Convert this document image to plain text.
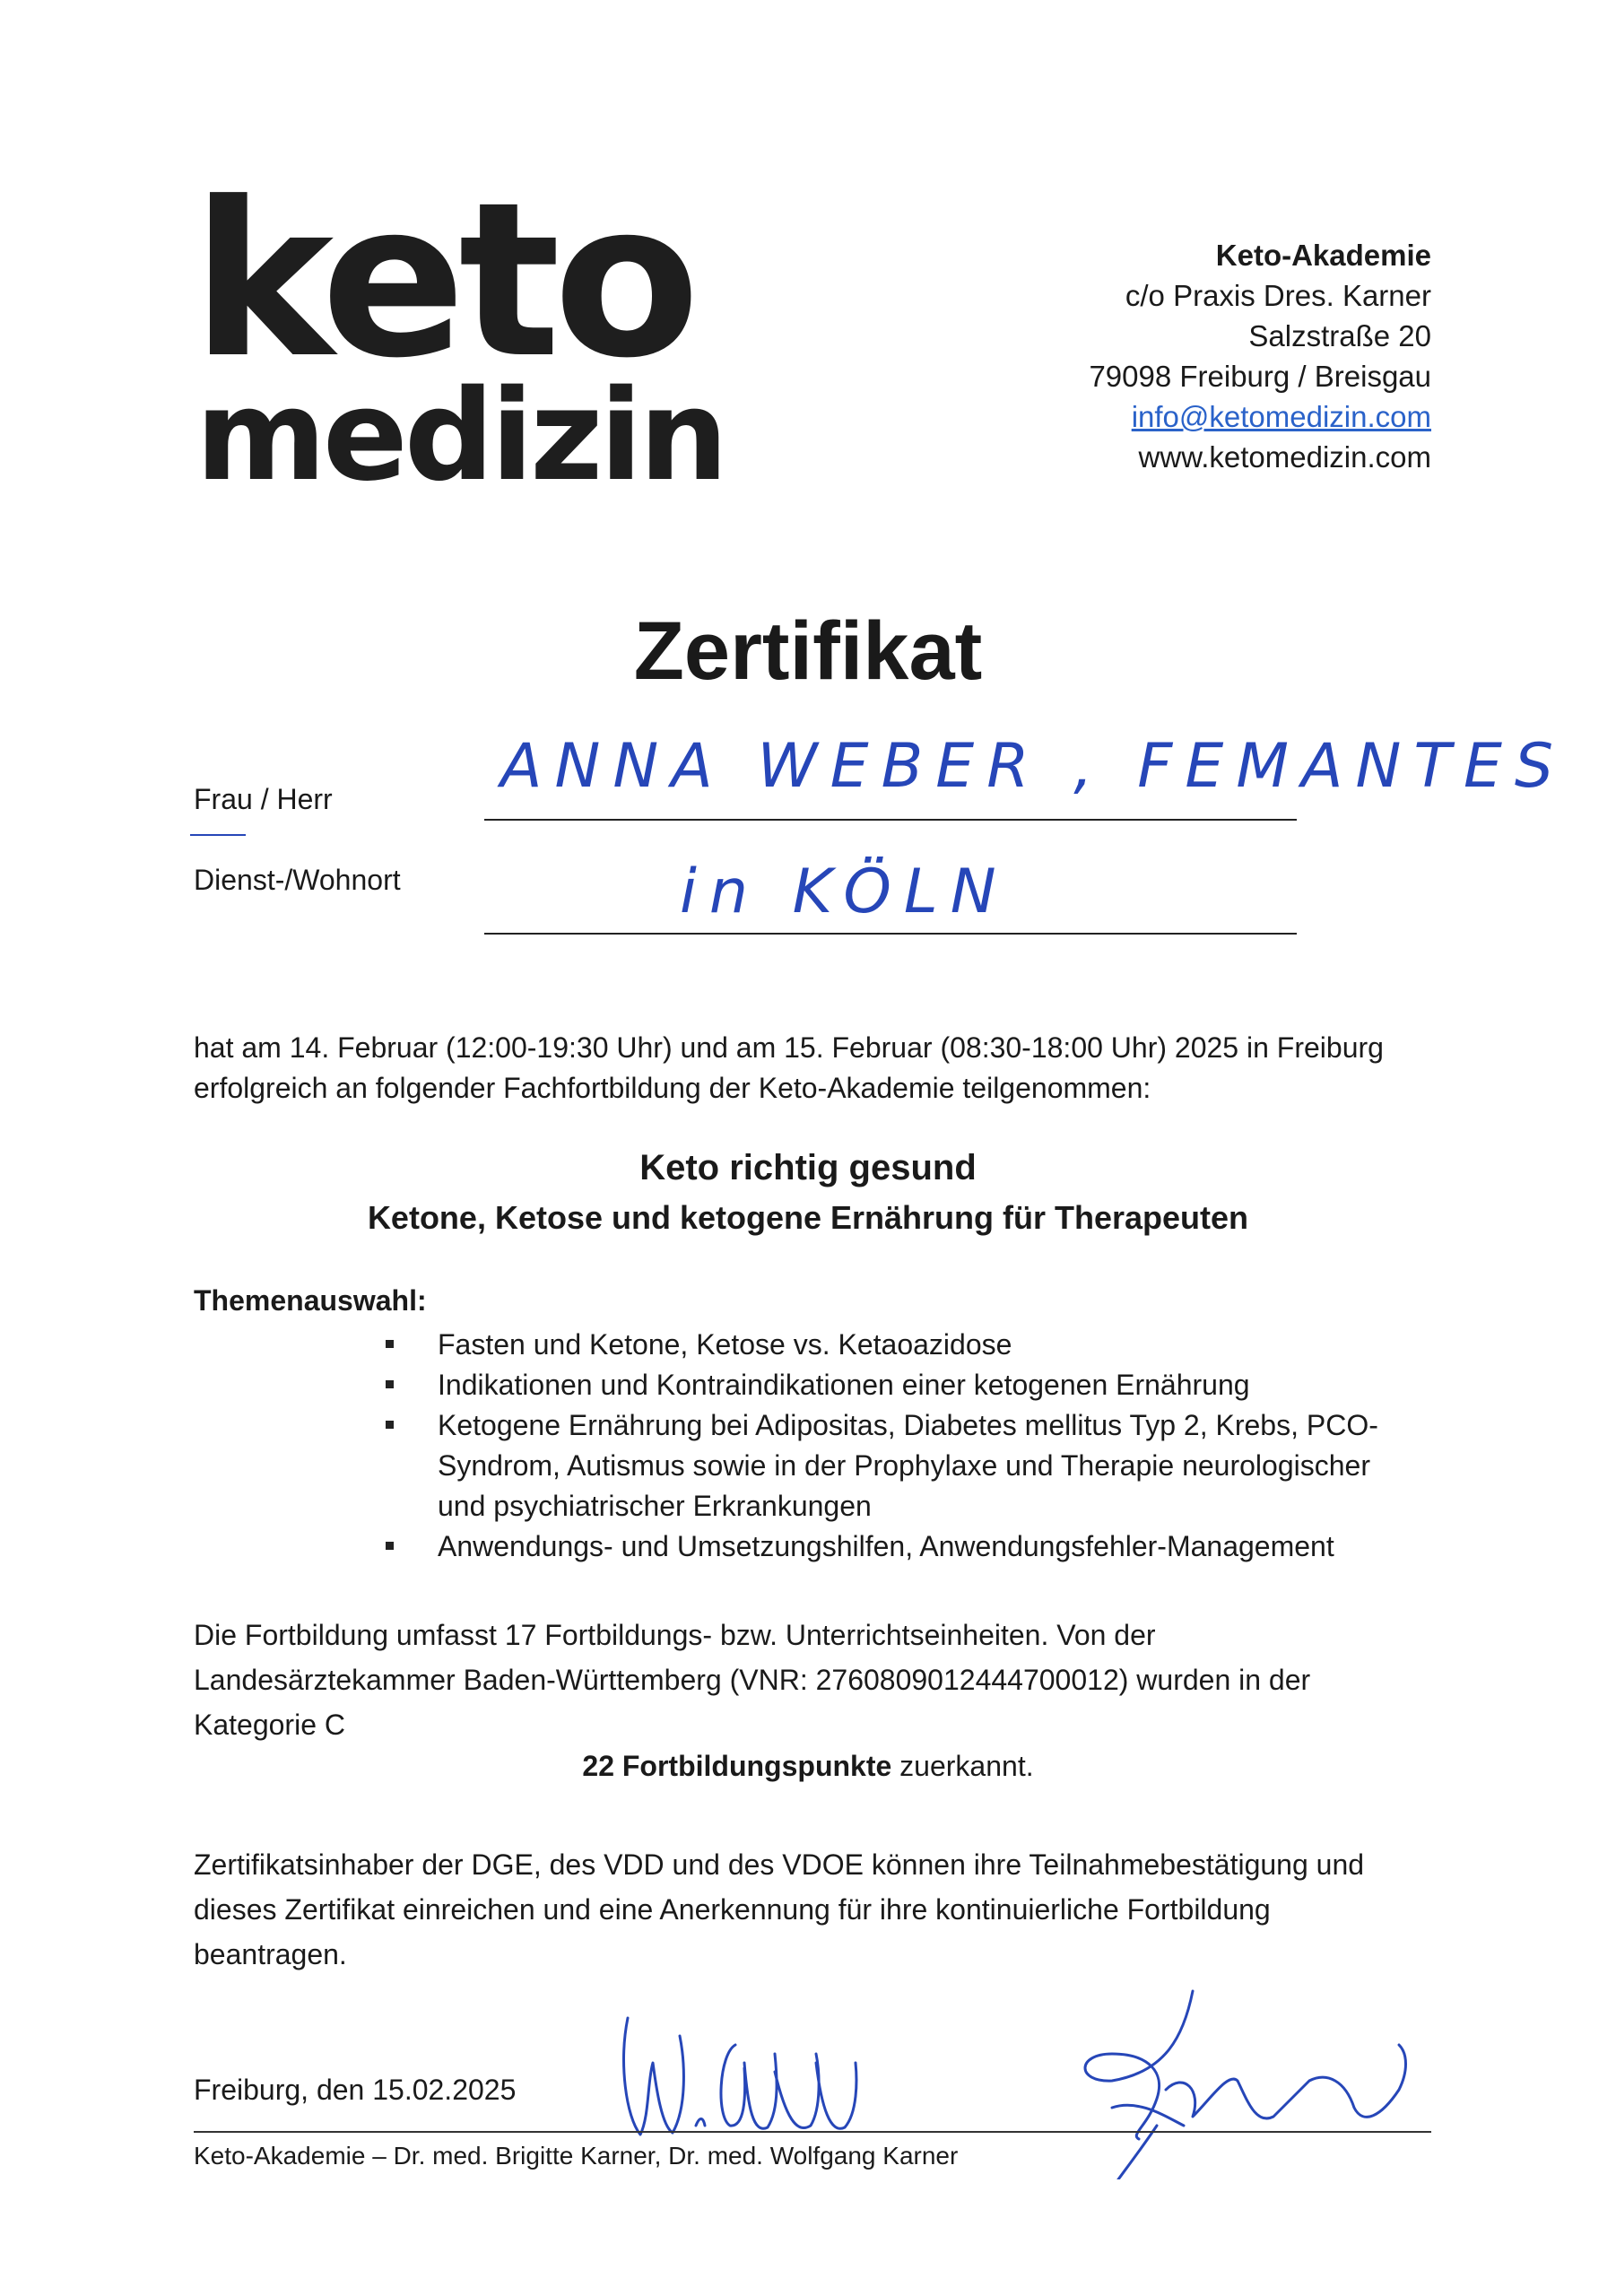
keto
medizin
Keto-Akademie
c/o Praxis Dres. Karner
Salzstraße 20
79098 Freiburg / Breisgau
info@ketomedizin.com
www.ketomedizin.com
Zertifikat
Frau / Herr	ANNA WEBER , FEMANTES
Dienst-/Wohnort	in KÖLN
hat am 14. Februar (12:00-19:30 Uhr) und am 15. Februar (08:30-18:00 Uhr) 2025 in Freiburg
erfolgreich an folgender Fachfortbildung der Keto-Akademie teilgenommen:
Keto richtig gesund
Ketone, Ketose und ketogene Ernährung für Therapeuten
Themenauswahl:
Fasten und Ketone, Ketose vs. Ketaoazidose
Indikationen und Kontraindikationen einer ketogenen Ernährung
Ketogene Ernährung bei Adipositas, Diabetes mellitus Typ 2, Krebs, PCO-
Syndrom, Autismus sowie in der Prophylaxe und Therapie neurologischer
und psychiatrischer Erkrankungen
Anwendungs- und Umsetzungshilfen, Anwendungsfehler-Management
Die Fortbildung umfasst 17 Fortbildungs- bzw. Unterrichtseinheiten. Von der
Landesärztekammer Baden-Württemberg (VNR: 2760809012444700012) wurden in der
Kategorie C
22 Fortbildungspunkte zuerkannt.
Zertifikatsinhaber der DGE, des VDD und des VDOE können ihre Teilnahmebestätigung und
dieses Zertifikat einreichen und eine Anerkennung für ihre kontinuierliche Fortbildung
beantragen.
Freiburg, den 15.02.2025
Keto-Akademie – Dr. med. Brigitte Karner, Dr. med. Wolfgang Karner
